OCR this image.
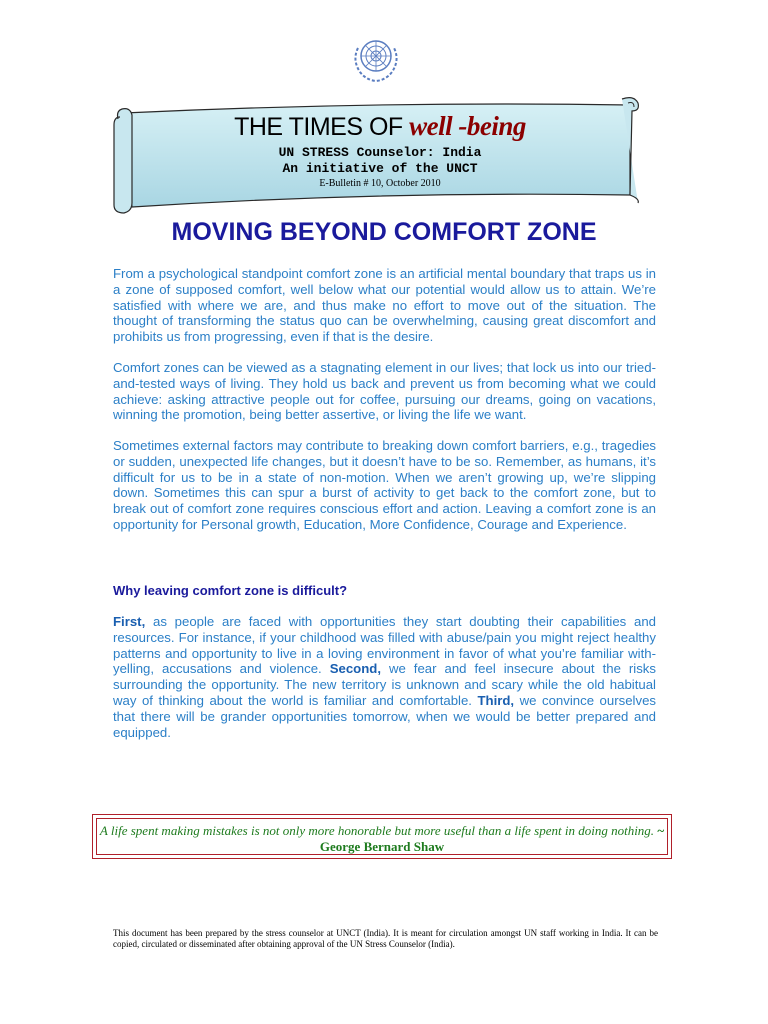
THE TIMES OF well -being
UN STRESS Counselor: India
An initiative of the UNCT
E-Bulletin # 10, October 2010
MOVING BEYOND COMFORT ZONE
From a psychological standpoint comfort zone is an artificial mental boundary that traps us in a zone of supposed comfort, well below what our potential would allow us to attain. We’re satisfied with where we are, and thus make no effort to move out of the situation. The thought of transforming the status quo can be overwhelming, causing great discomfort and prohibits us from progressing, even if that is the desire.
Comfort zones can be viewed as a stagnating element in our lives; that lock us into our tried-and-tested ways of living. They hold us back and prevent us from becoming what we could achieve: asking attractive people out for coffee, pursuing our dreams, going on vacations, winning the promotion, being better assertive, or living the life we want.
Sometimes external factors may contribute to breaking down comfort barriers, e.g., tragedies or sudden, unexpected life changes, but it doesn’t have to be so. Remember, as humans, it’s difficult for us to be in a state of non-motion. When we aren’t growing up, we’re slipping down. Sometimes this can spur a burst of activity to get back to the comfort zone, but to break out of comfort zone requires conscious effort and action. Leaving a comfort zone is an opportunity for Personal growth, Education, More Confidence, Courage and Experience.
Why leaving comfort zone is difficult?
First, as people are faced with opportunities they start doubting their capabilities and resources. For instance, if your childhood was filled with abuse/pain you might reject healthy patterns and opportunity to live in a loving environment in favor of what you’re familiar with-yelling, accusations and violence. Second, we fear and feel insecure about the risks surrounding the opportunity. The new territory is unknown and scary while the old habitual way of thinking about the world is familiar and comfortable. Third, we convince ourselves that there will be grander opportunities tomorrow, when we would be better prepared and equipped.
A life spent making mistakes is not only more honorable but more useful than a life spent in doing nothing. ~ George Bernard Shaw
This document has been prepared by the stress counselor at UNCT (India). It is meant for circulation amongst UN staff working in India. It can be copied, circulated or disseminated after obtaining approval of the UN Stress Counselor (India).
